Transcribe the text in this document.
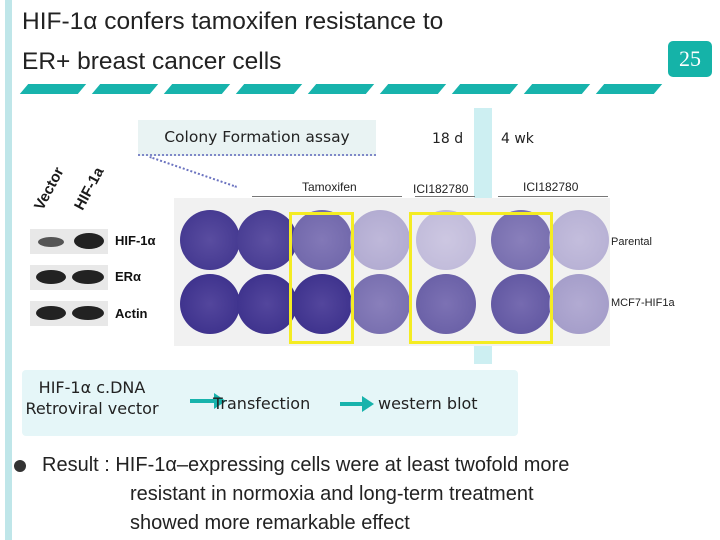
HIF-1α confers tamoxifen resistance to
ER+ breast cancer cells	25
Colony Formation assay	18 d	4 wk
Vector HIF-1a
HIF-1α
ERα
Actin
Tamoxifen	ICI182780	ICI182780
Parental
MCF7-HIF1a
HIF-1α c.DNA
Retroviral vector	Transfection	western blot
Result : HIF-1α–expressing cells were at least twofold more
resistant in normoxia and long-term treatment
showed more remarkable effect
